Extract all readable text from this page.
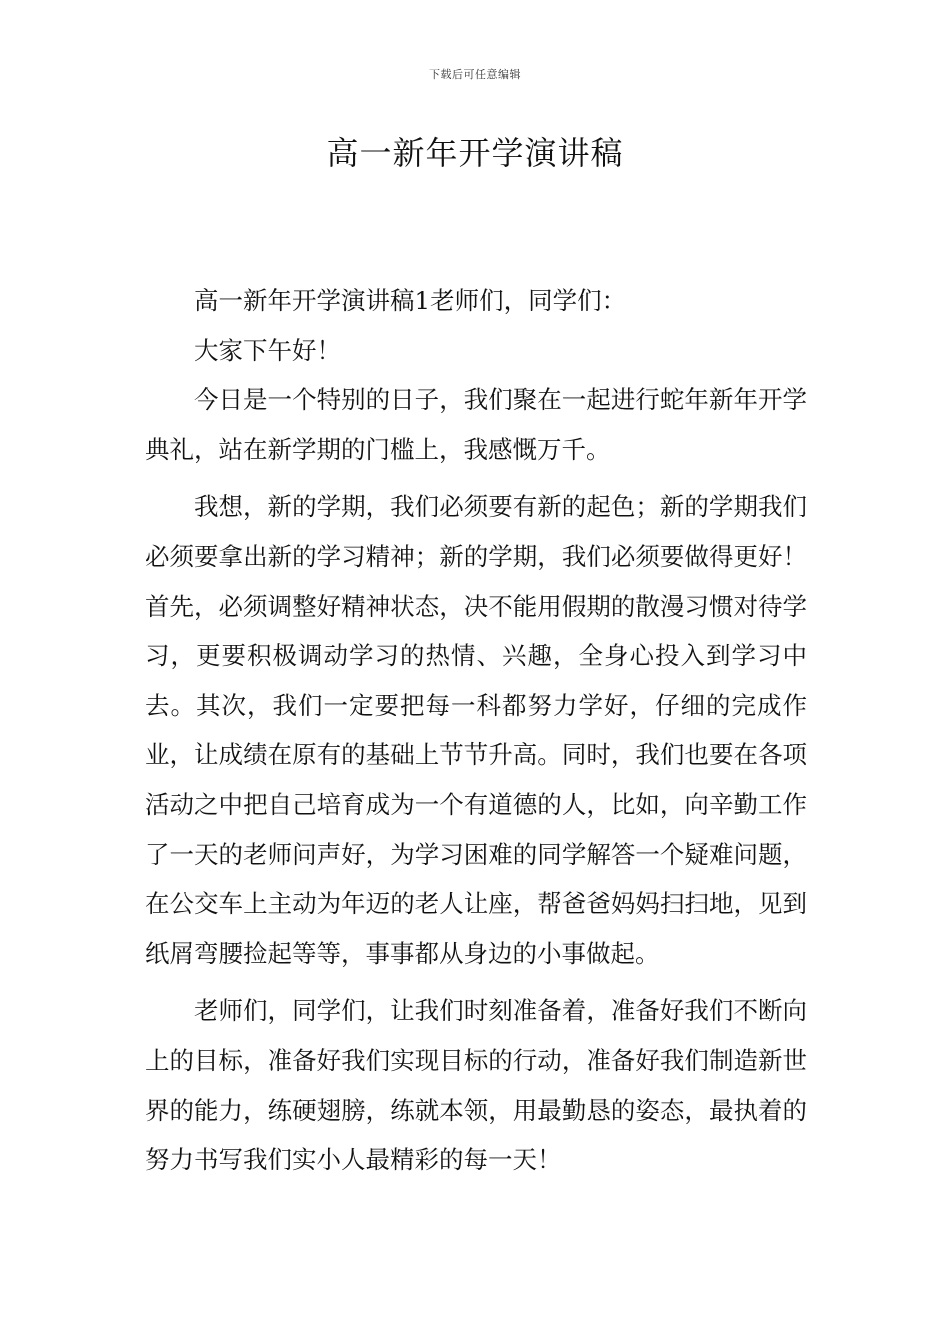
下载后可任意编辑
高一新年开学演讲稿

高一新年开学演讲稿1老师们，同学们：

大家下午好！

今日是一个特别的日子，我们聚在一起进行蛇年新年开学典礼，站在新学期的门槛上，我感慨万千。

我想，新的学期，我们必须要有新的起色；新的学期我们必须要拿出新的学习精神；新的学期，我们必须要做得更好！首先，必须调整好精神状态，决不能用假期的散漫习惯对待学习，更要积极调动学习的热情、兴趣，全身心投入到学习中去。其次，我们一定要把每一科都努力学好，仔细的完成作业，让成绩在原有的基础上节节升高。同时，我们也要在各项活动之中把自己培育成为一个有道德的人，比如，向辛勤工作了一天的老师问声好，为学习困难的同学解答一个疑难问题，在公交车上主动为年迈的老人让座，帮爸爸妈妈扫扫地，见到纸屑弯腰捡起等等，事事都从身边的小事做起。

老师们，同学们，让我们时刻准备着，准备好我们不断向上的目标，准备好我们实现目标的行动，准备好我们制造新世界的能力，练硬翅膀，练就本领，用最勤恳的姿态，最执着的努力书写我们实小人最精彩的每一天！
